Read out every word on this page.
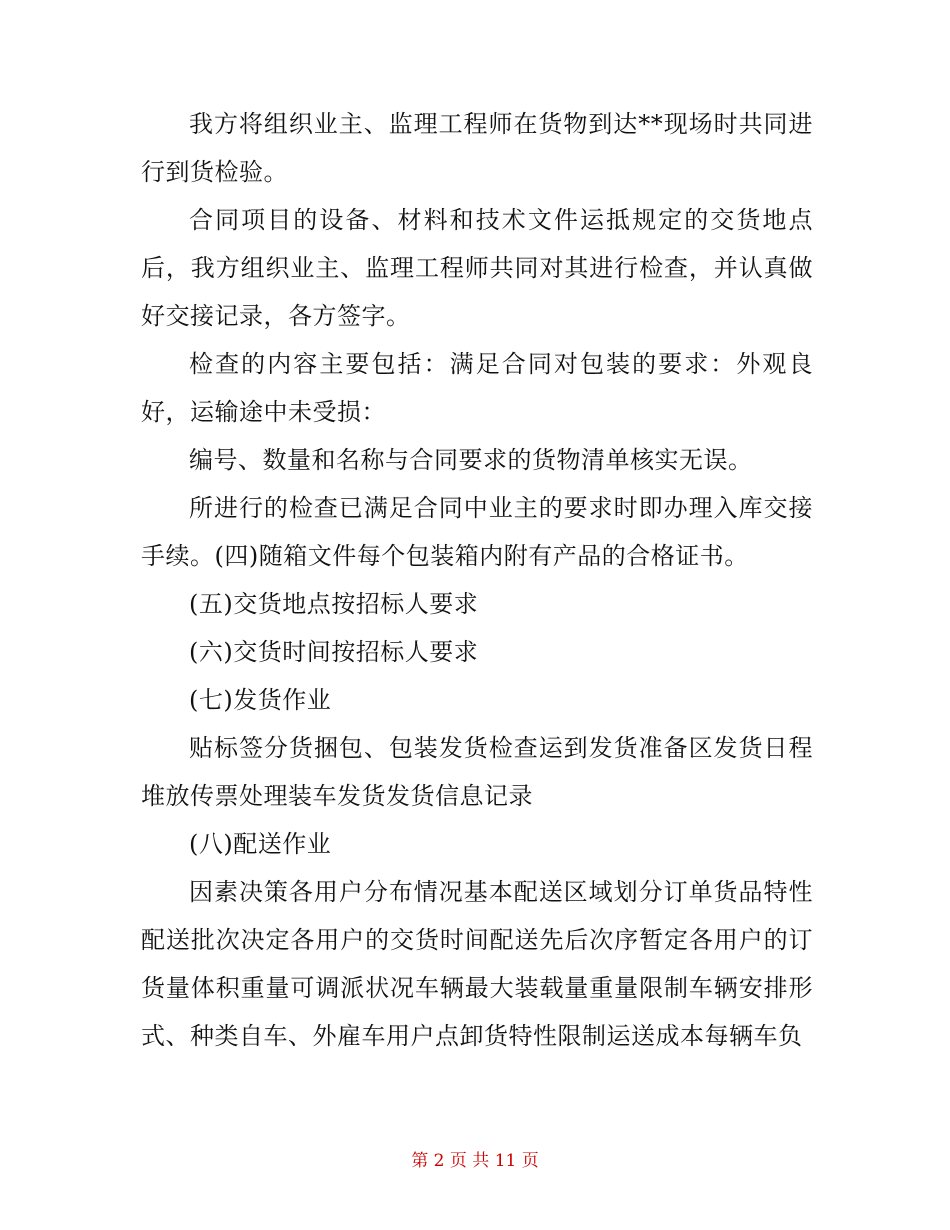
我方将组织业主、监理工程师在货物到达**现场时共同进行到货检验。

合同项目的设备、材料和技术文件运抵规定的交货地点后，我方组织业主、监理工程师共同对其进行检查，并认真做好交接记录，各方签字。

检查的内容主要包括：满足合同对包装的要求：外观良好，运输途中未受损：

编号、数量和名称与合同要求的货物清单核实无误。

所进行的检查已满足合同中业主的要求时即办理入库交接手续。(四)随箱文件每个包装箱内附有产品的合格证书。

(五)交货地点按招标人要求

(六)交货时间按招标人要求

(七)发货作业

贴标签分货捆包、包装发货检查运到发货准备区发货日程堆放传票处理装车发货发货信息记录

(八)配送作业

因素决策各用户分布情况基本配送区域划分订单货品特性配送批次决定各用户的交货时间配送先后次序暂定各用户的订货量体积重量可调派状况车辆最大装载量重量限制车辆安排形式、种类自车、外雇车用户点卸货特性限制运送成本每辆车负

第 2 页 共 11 页
